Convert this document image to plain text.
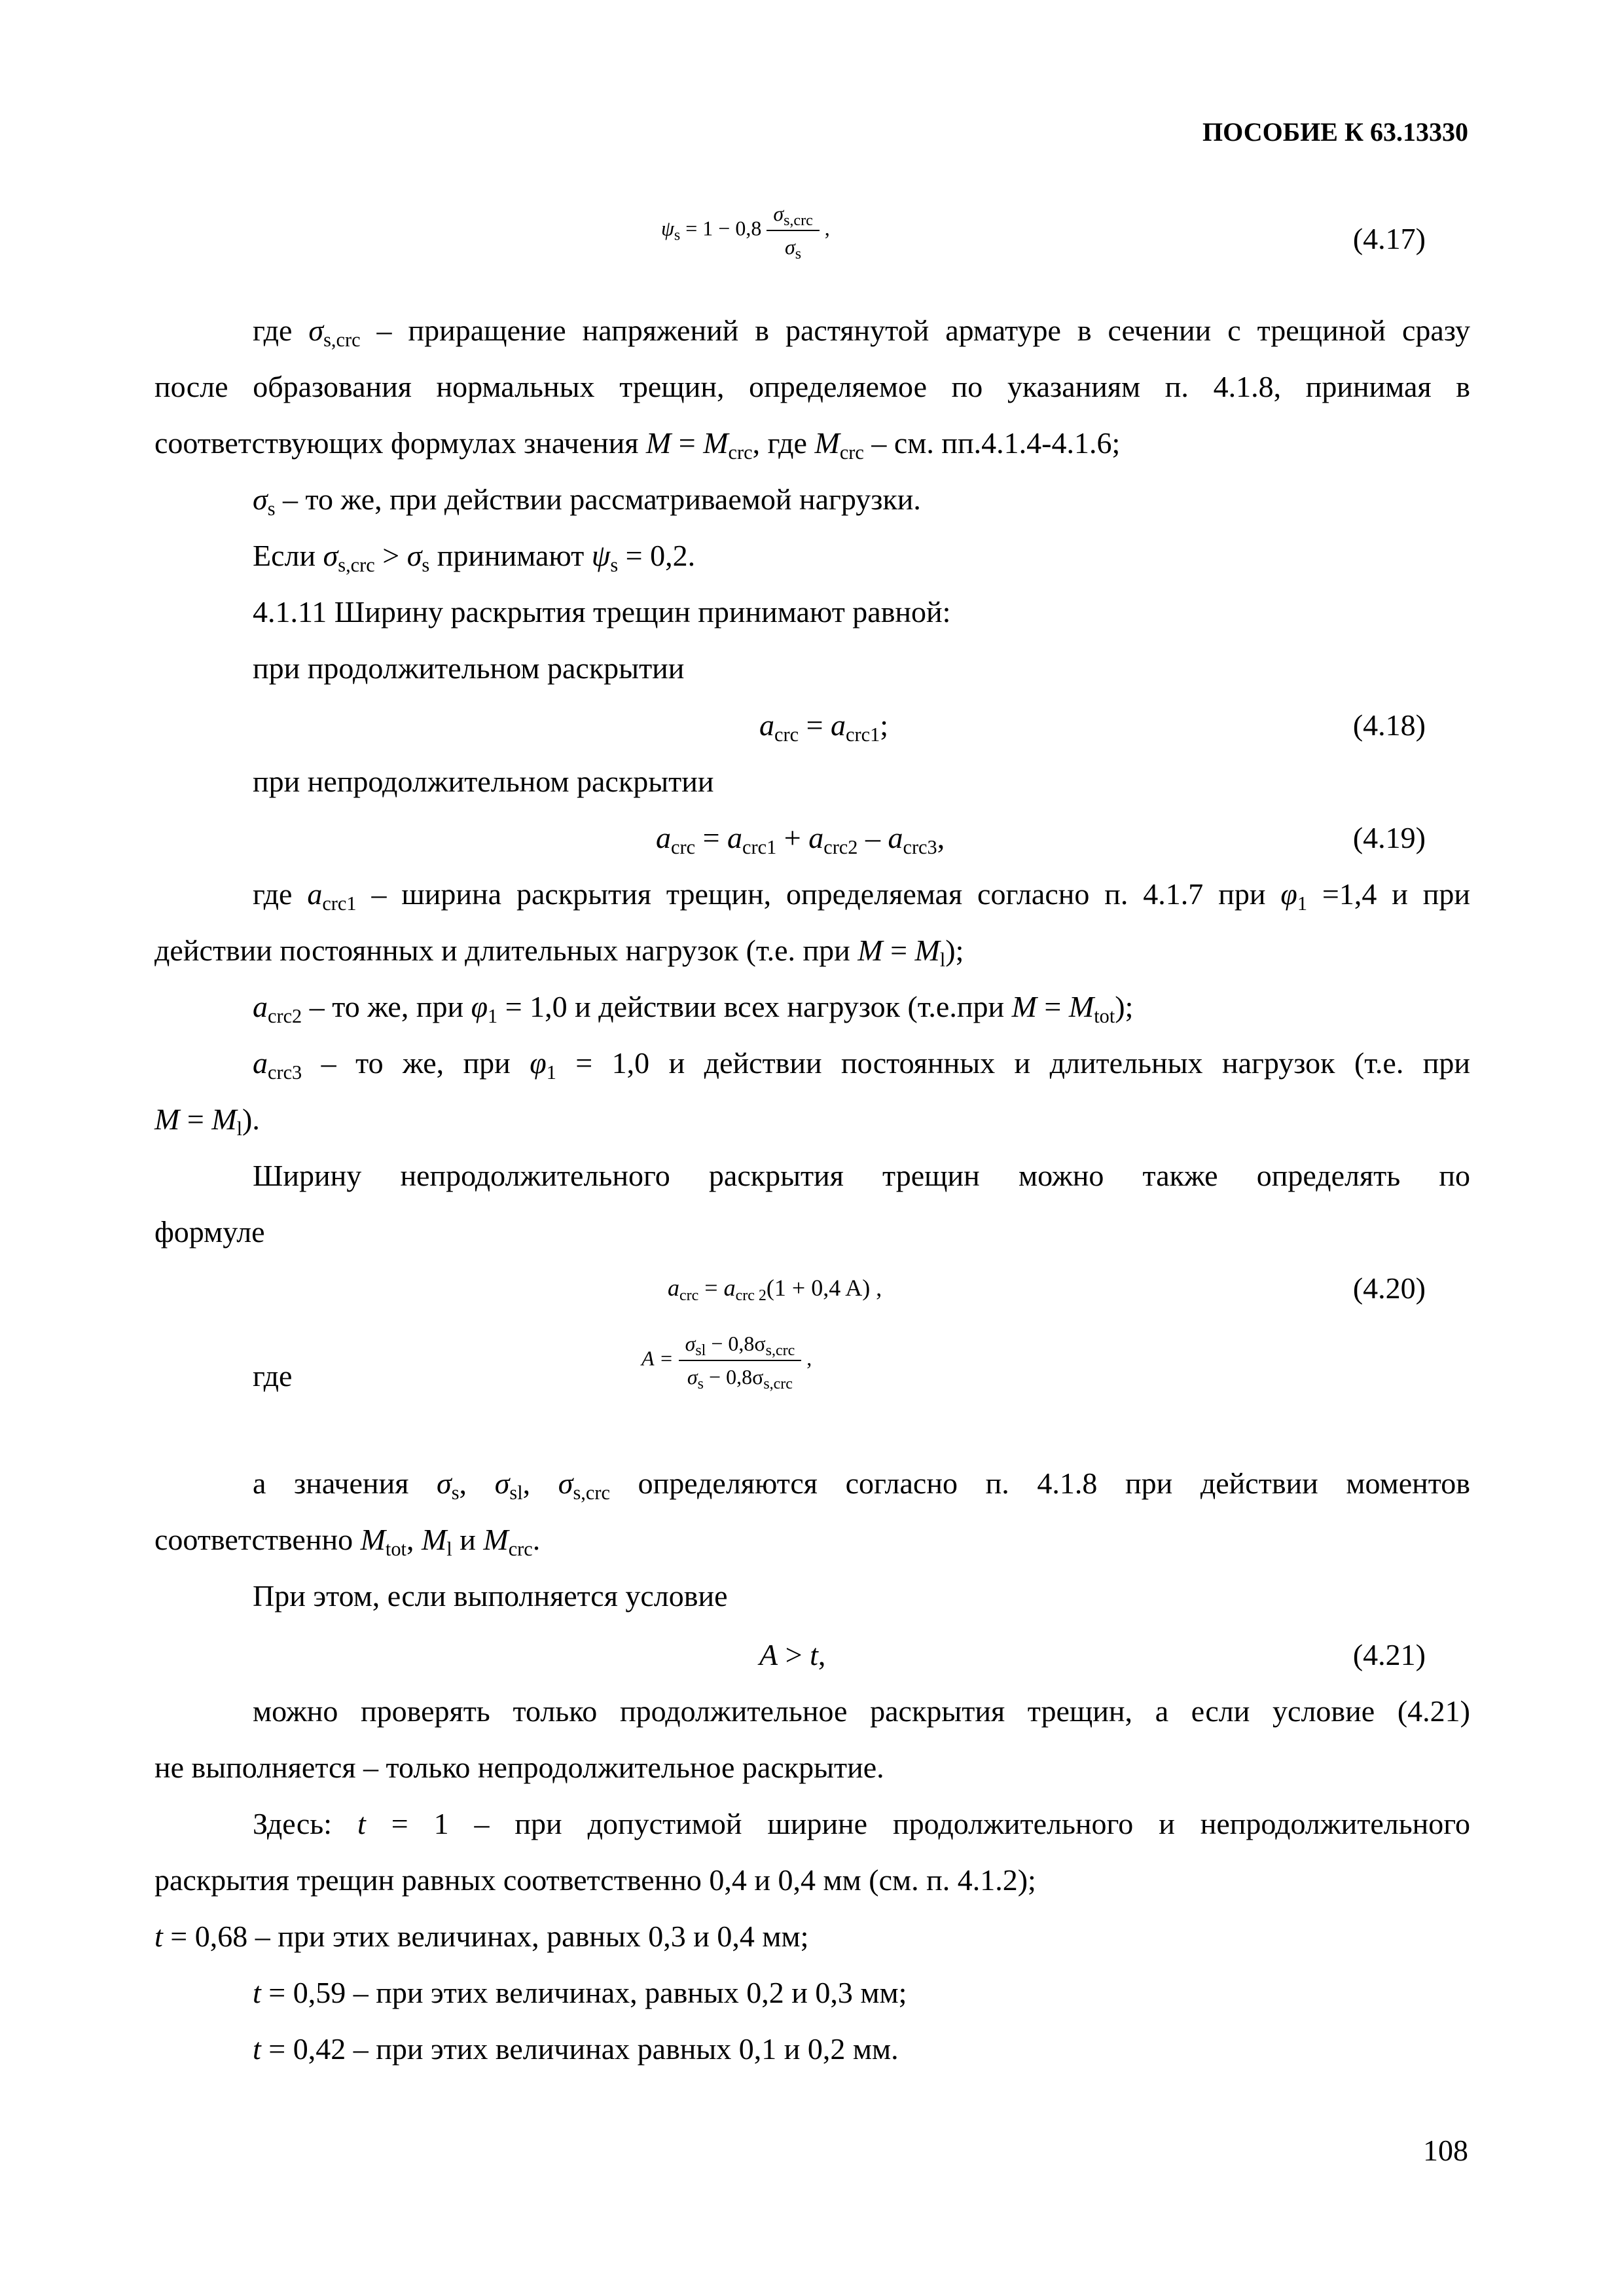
ПОСОБИЕ К 63.13330
$\psi_s = 1 - 0,8 \frac{\sigma_{s,crc}}{\sigma_s}$ ,	(4.17)
где $\sigma_{s,crc}$ – приращение напряжений в растянутой арматуре в сечении с трещиной сразу
после образования нормальных трещин, определяемое по указаниям п. 4.1.8, принимая в
соответствующих формулах значения $M = M_{crc}$, где $M_{crc}$ – см. пп.4.1.4-4.1.6;
$\sigma_s$ – то же, при действии рассматриваемой нагрузки.
Если $\sigma_{s,crc} > \sigma_s$ принимают $\psi_s = 0,2$.
4.1.11 Ширину раскрытия трещин принимают равной:
при продолжительном раскрытии
$a_{crc} = a_{crc1}$;	(4.18)
при непродолжительном раскрытии
$a_{crc} = a_{crc1} + a_{crc2} - a_{crc3}$,	(4.19)
где $a_{crc1}$ – ширина раскрытия трещин, определяемая согласно п. 4.1.7 при $\varphi_1 =1,4$ и при
действии постоянных и длительных нагрузок (т.е. при $M = M_l$);
$a_{crc2}$ – то же, при $\varphi_1 = 1,0$ и действии всех нагрузок (т.е.при $M = M_{tot}$);
$a_{crc3}$ – то же, при $\varphi_1 = 1,0$ и действии постоянных и длительных нагрузок (т.е. при
$M = M_l$).
Ширину непродолжительного раскрытия трещин можно также определять по
формуле
$a_{crc} = a_{crc 2}(1 + 0,4$ A) ,	(4.20)
где
$A = \frac{\sigma_{sl} - 0,8\sigma_{s,crc}}{\sigma_s - 0,8\sigma_{s,crc}}$ ,
а значения $\sigma_s$, $\sigma_{sl}$, $\sigma_{s,crc}$ определяются согласно п. 4.1.8 при действии моментов
соответственно $M_{tot}$, $M_l$ и $M_{crc}$.
При этом, если выполняется условие
A > t,	(4.21)
можно проверять только продолжительное раскрытия трещин, а если условие (4.21)
не выполняется – только непродолжительное раскрытие.
Здесь: t = 1 – при допустимой ширине продолжительного и непродолжительного
раскрытия трещин равных соответственно 0,4 и 0,4 мм (см. п. 4.1.2);
t = 0,68 – при этих величинах, равных 0,3 и 0,4 мм;
t = 0,59 – при этих величинах, равных 0,2 и 0,3 мм;
t = 0,42 – при этих величинах равных 0,1 и 0,2 мм.
108
